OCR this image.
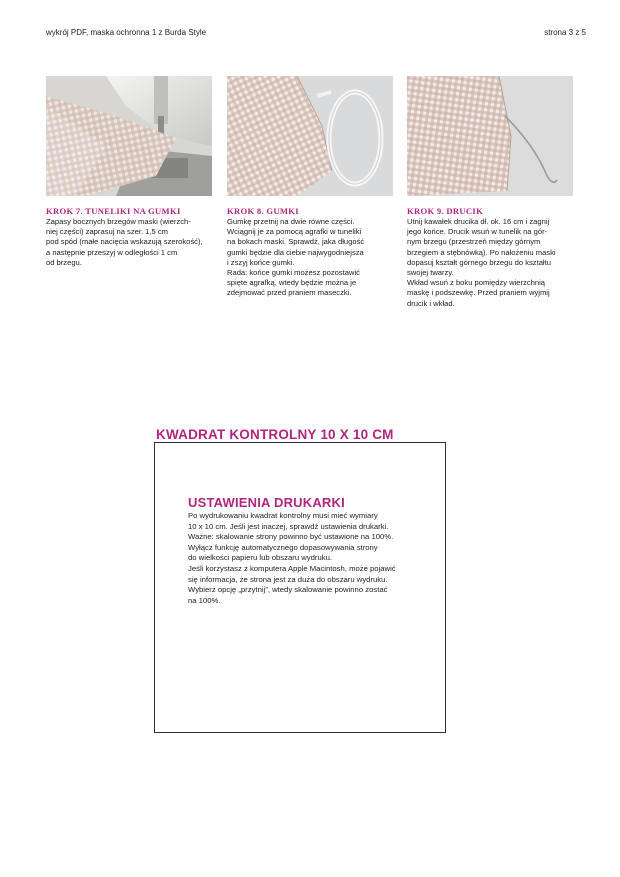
wykrój PDF, maska ochronna 1 z Burda Style	strona 3 z 5
KROK 7. TUNELIKI NA GUMKI
Zapasy bocznych brzegów maski (wierzch-
niej części) zaprasuj na szer. 1,5 cm
pod spód (małe nacięcia wskazują szerokość),
a następnie przeszyj w odległości 1 cm
od brzegu.
KROK 8. GUMKI
Gumkę przetnij na dwie równe części.
Wciągnij je za pomocą agrafki w tuneliki
na bokach maski. Sprawdź, jaka długość
gumki będzie dla ciebie najwygodniejsza
i zszyj końce gumki.
Rada: końce gumki możesz pozostawić
spięte agrafką, wtedy będzie można je
zdejmować przed praniem maseczki.
KROK 9. DRUCIK
Utnij kawałek drucika dł. ok. 16 cm i zagnij
jego końce. Drucik wsuń w tunelik na gór-
nym brzegu (przestrzeń między górnym
brzegiem a stębnówką). Po nałożeniu maski
dopasuj kształt górnego brzegu do kształtu
swojej twarzy.
Wkład wsuń z boku pomiędzy wierzchnią
maskę i podszewkę. Przed praniem wyjmij
drucik i wkład.
KWADRAT KONTROLNY 10 X 10 CM
USTAWIENIA DRUKARKI
Po wydrukowaniu kwadrat kontrolny musi mieć wymiary
10 x 10 cm. Jeśli jest inaczej, sprawdź ustawienia drukarki.
Ważne: skalowanie strony powinno być ustawione na 100%.
Wyłącz funkcję automatycznego dopasowywania strony
do wielkości papieru lub obszaru wydruku.
Jeśli korzystasz z komputera Apple Macintosh, może pojawić
się informacja, że strona jest za duża do obszaru wydruku.
Wybierz opcję „przytnij”, wtedy skalowanie powinno zostać
na 100%.
